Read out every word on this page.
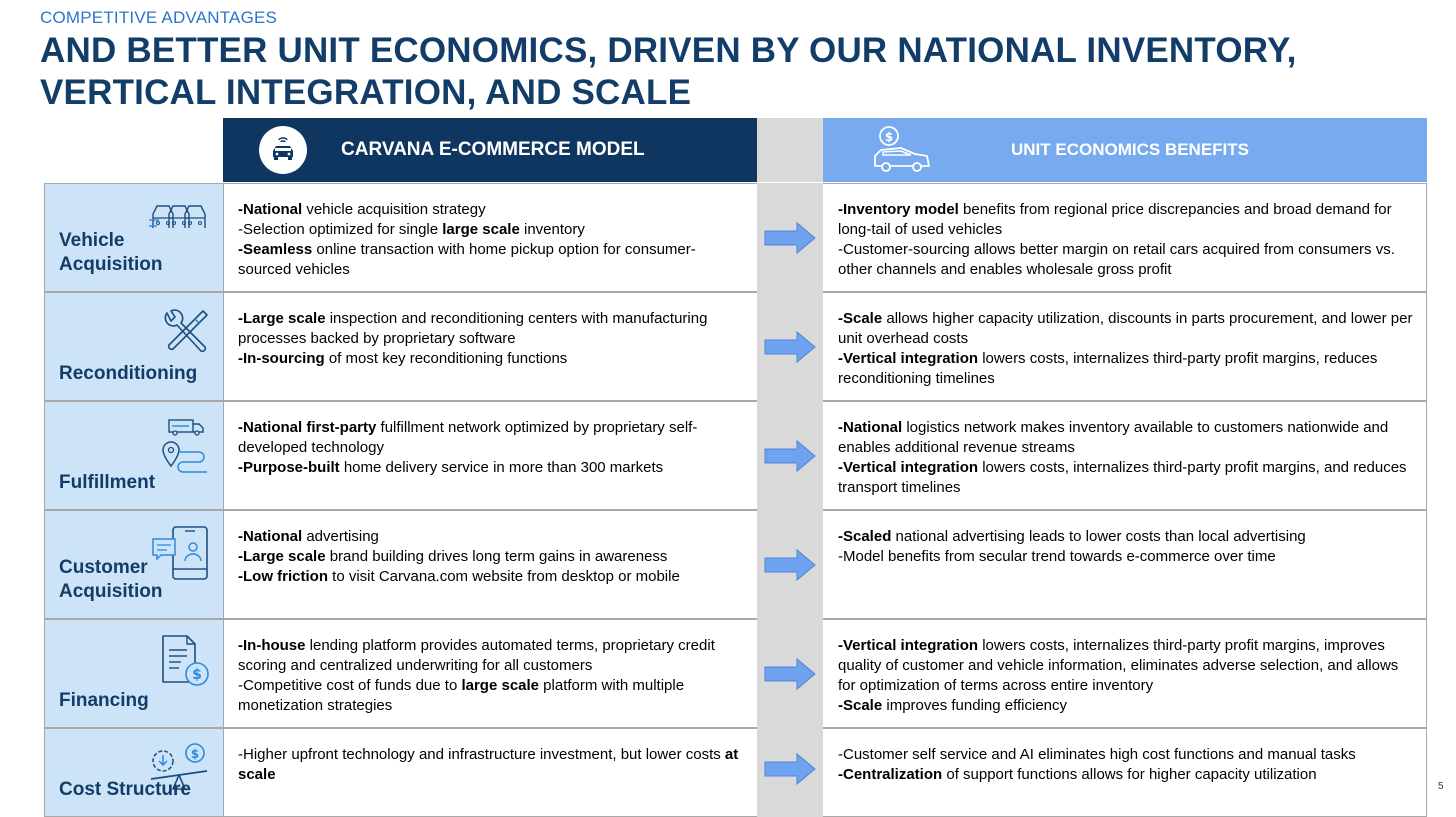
COMPETITIVE ADVANTAGES
AND BETTER UNIT ECONOMICS, DRIVEN BY OUR NATIONAL INVENTORY, VERTICAL INTEGRATION, AND SCALE
CARVANA E-COMMERCE MODEL
$
UNIT ECONOMICS BENEFITS
Vehicle Acquisition
-National vehicle acquisition strategy
-Selection optimized for single large scale inventory
-Seamless online transaction with home pickup option for consumer-sourced vehicles
-Inventory model benefits from regional price discrepancies and broad demand for long-tail of used vehicles
-Customer-sourcing allows better margin on retail cars acquired from consumers vs. other channels and enables wholesale gross profit
Reconditioning
-Large scale inspection and reconditioning centers with manufacturing processes backed by proprietary software
-In-sourcing of most key reconditioning functions
-Scale allows higher capacity utilization, discounts in parts procurement, and lower per unit overhead costs
-Vertical integration lowers costs, internalizes third-party profit margins, reduces reconditioning timelines
Fulfillment
-National first-party fulfillment network optimized by proprietary self-developed technology
-Purpose-built home delivery service in more than 300 markets
-National logistics network makes inventory available to customers nationwide and enables additional revenue streams
-Vertical integration lowers costs, internalizes third-party profit margins, and reduces transport timelines
Customer Acquisition
-National advertising
-Large scale brand building drives long term gains in awareness
-Low friction to visit Carvana.com website from desktop or mobile
-Scaled national advertising leads to lower costs than local advertising
-Model benefits from secular trend towards e-commerce over time
$
Financing
-In-house lending platform provides automated terms, proprietary credit scoring and centralized underwriting for all customers
-Competitive cost of funds due to large scale platform with multiple monetization strategies
-Vertical integration lowers costs, internalizes third-party profit margins, improves quality of customer and vehicle information, eliminates adverse selection, and allows for optimization of terms across entire inventory
-Scale improves funding efficiency
$
Cost Structure
-Higher upfront technology and infrastructure investment, but lower costs at scale
-Customer self service and AI eliminates high cost functions and manual tasks
-Centralization of support functions allows for higher capacity utilization
5
